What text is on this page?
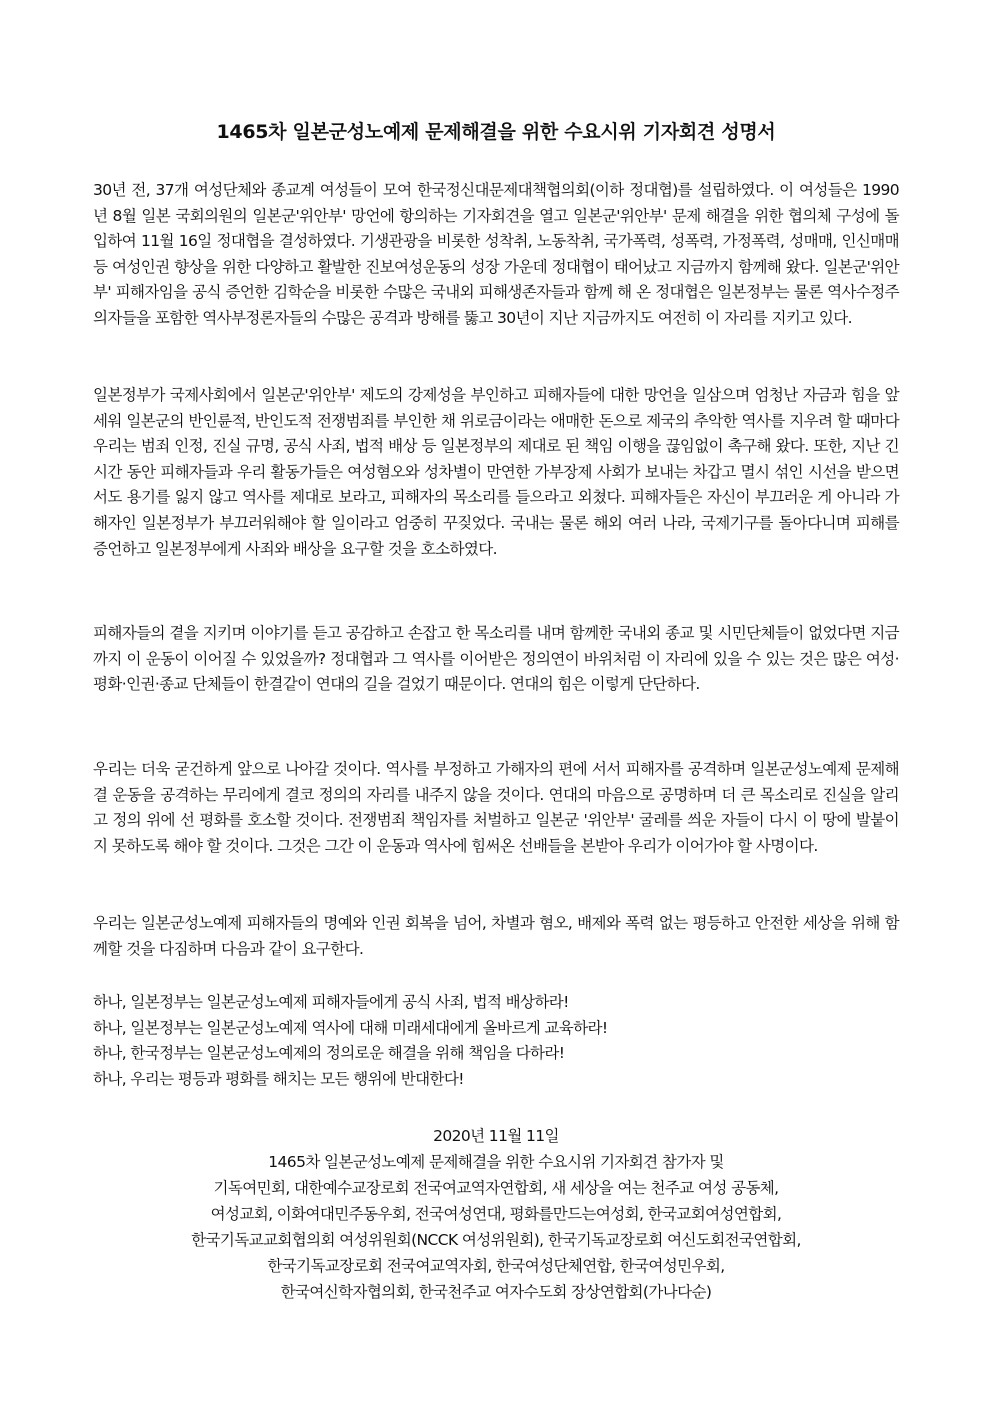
1465차 일본군성노예제 문제해결을 위한 수요시위 기자회견 성명서
30년 전, 37개 여성단체와 종교계 여성들이 모여 한국정신대문제대책협의회(이하 정대협)를 설립하였다. 이 여성들은 1990년 8월 일본 국회의원의 일본군'위안부' 망언에 항의하는 기자회견을 열고 일본군'위안부' 문제 해결을 위한 협의체 구성에 돌입하여 11월 16일 정대협을 결성하였다. 기생관광을 비롯한 성착취, 노동착취, 국가폭력, 성폭력, 가정폭력, 성매매, 인신매매 등 여성인권 향상을 위한 다양하고 활발한 진보여성운동의 성장 가운데 정대협이 태어났고 지금까지 함께해 왔다. 일본군'위안부' 피해자임을 공식 증언한 김학순을 비롯한 수많은 국내외 피해생존자들과 함께 해 온 정대협은 일본정부는 물론 역사수정주의자들을 포함한 역사부정론자들의 수많은 공격과 방해를 뚫고 30년이 지난 지금까지도 여전히 이 자리를 지키고 있다.
일본정부가 국제사회에서 일본군'위안부' 제도의 강제성을 부인하고 피해자들에 대한 망언을 일삼으며 엄청난 자금과 힘을 앞세워 일본군의 반인륜적, 반인도적 전쟁범죄를 부인한 채 위로금이라는 애매한 돈으로 제국의 추악한 역사를 지우려 할 때마다 우리는 범죄 인정, 진실 규명, 공식 사죄, 법적 배상 등 일본정부의 제대로 된 책임 이행을 끊임없이 촉구해 왔다. 또한, 지난 긴 시간 동안 피해자들과 우리 활동가들은 여성혐오와 성차별이 만연한 가부장제 사회가 보내는 차갑고 멸시 섞인 시선을 받으면서도 용기를 잃지 않고 역사를 제대로 보라고, 피해자의 목소리를 들으라고 외쳤다. 피해자들은 자신이 부끄러운 게 아니라 가해자인 일본정부가 부끄러워해야 할 일이라고 엄중히 꾸짖었다. 국내는 물론 해외 여러 나라, 국제기구를 돌아다니며 피해를 증언하고 일본정부에게 사죄와 배상을 요구할 것을 호소하였다.
피해자들의 곁을 지키며 이야기를 듣고 공감하고 손잡고 한 목소리를 내며 함께한 국내외 종교 및 시민단체들이 없었다면 지금까지 이 운동이 이어질 수 있었을까? 정대협과 그 역사를 이어받은 정의연이 바위처럼 이 자리에 있을 수 있는 것은 많은 여성·평화·인권·종교 단체들이 한결같이 연대의 길을 걸었기 때문이다. 연대의 힘은 이렇게 단단하다.
우리는 더욱 굳건하게 앞으로 나아갈 것이다. 역사를 부정하고 가해자의 편에 서서 피해자를 공격하며 일본군성노예제 문제해결 운동을 공격하는 무리에게 결코 정의의 자리를 내주지 않을 것이다. 연대의 마음으로 공명하며 더 큰 목소리로 진실을 알리고 정의 위에 선 평화를 호소할 것이다. 전쟁범죄 책임자를 처벌하고 일본군 '위안부' 굴레를 씌운 자들이 다시 이 땅에 발붙이지 못하도록 해야 할 것이다. 그것은 그간 이 운동과 역사에 힘써온 선배들을 본받아 우리가 이어가야 할 사명이다.
우리는 일본군성노예제 피해자들의 명예와 인권 회복을 넘어, 차별과 혐오, 배제와 폭력 없는 평등하고 안전한 세상을 위해 함께할 것을 다짐하며 다음과 같이 요구한다.
하나, 일본정부는 일본군성노예제 피해자들에게 공식 사죄, 법적 배상하라!
하나, 일본정부는 일본군성노예제 역사에 대해 미래세대에게 올바르게 교육하라!
하나, 한국정부는 일본군성노예제의 정의로운 해결을 위해 책임을 다하라!
하나, 우리는 평등과 평화를 해치는 모든 행위에 반대한다!
2020년 11월 11일
1465차 일본군성노예제 문제해결을 위한 수요시위 기자회견 참가자 및
기독여민회, 대한예수교장로회 전국여교역자연합회, 새 세상을 여는 천주교 여성 공동체,
여성교회, 이화여대민주동우회, 전국여성연대, 평화를만드는여성회, 한국교회여성연합회,
한국기독교교회협의회 여성위원회(NCCK 여성위원회), 한국기독교장로회 여신도회전국연합회,
한국기독교장로회 전국여교역자회, 한국여성단체연합, 한국여성민우회,
한국여신학자협의회, 한국천주교 여자수도회 장상연합회(가나다순)
